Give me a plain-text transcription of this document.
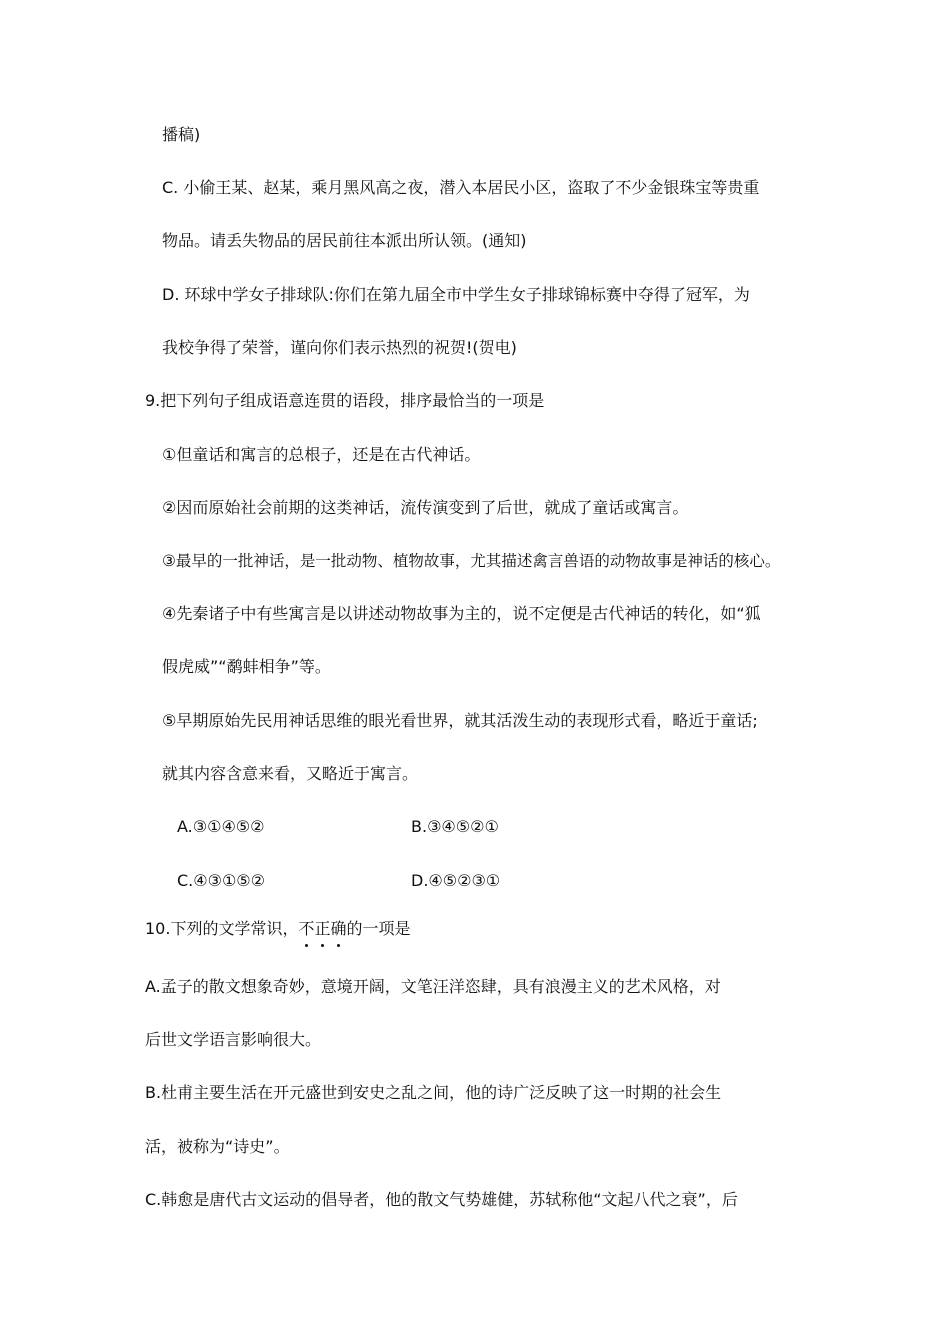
播稿)
C. 小偷王某、赵某，乘月黑风高之夜，潜入本居民小区，盗取了不少金银珠宝等贵重
物品。请丢失物品的居民前往本派出所认领。(通知)
D. 环球中学女子排球队:你们在第九届全市中学生女子排球锦标赛中夺得了冠军，为
我校争得了荣誉，谨向你们表示热烈的祝贺!(贺电)
9.把下列句子组成语意连贯的语段，排序最恰当的一项是
①但童话和寓言的总根子，还是在古代神话。
②因而原始社会前期的这类神话，流传演变到了后世，就成了童话或寓言。
③最早的一批神话，是一批动物、植物故事，尤其描述禽言兽语的动物故事是神话的核心。
④先秦诸子中有些寓言是以讲述动物故事为主的，说不定便是古代神话的转化，如“狐
假虎威”“鹬蚌相争”等。
⑤早期原始先民用神话思维的眼光看世界，就其活泼生动的表现形式看，略近于童话;
就其内容含意来看，又略近于寓言。
A.③①④⑤②	B.③④⑤②①
C.④③①⑤②	D.④⑤②③①
10.下列的文学常识，不正确的一项是
A.孟子的散文想象奇妙，意境开阔，文笔汪洋恣肆，具有浪漫主义的艺术风格，对
后世文学语言影响很大。
B.杜甫主要生活在开元盛世到安史之乱之间，他的诗广泛反映了这一时期的社会生
活，被称为“诗史”。
C.韩愈是唐代古文运动的倡导者，他的散文气势雄健，苏轼称他“文起八代之衰”，后
